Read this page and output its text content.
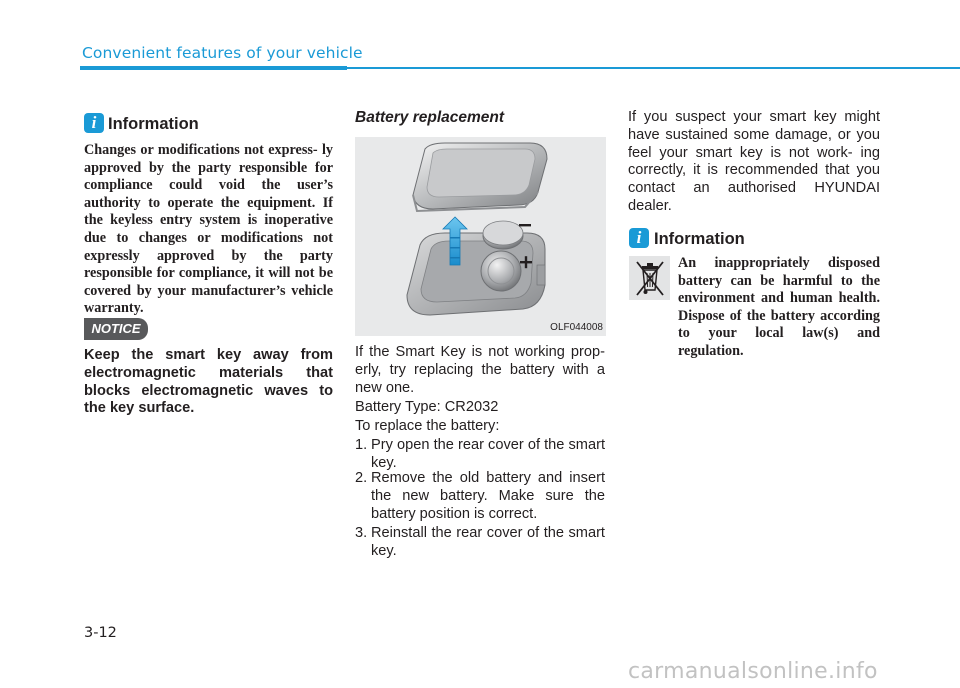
Convenient features of your vehicle
i Information
Changes or modifications not express- ly approved by the party responsible for compliance could void the user’s authority to operate the equipment. If the keyless entry system is inoperative due to changes or modifications not expressly approved by the party responsible for compliance, it will not be covered by your manufacturer’s vehicle warranty.
NOTICE
Keep the smart key away from electromagnetic materials that blocks electromagnetic waves to the key surface.
Battery replacement
OLF044008
If the Smart Key is not working prop- erly, try replacing the battery with a new one.
Battery Type: CR2032
To replace the battery:
1. Pry open the rear cover of the smart key.
2. Remove the old battery and insert the new battery. Make sure the battery position is correct.
3. Reinstall the rear cover of the smart key.
If you suspect your smart key might have sustained some damage, or you feel your smart key is not work- ing correctly, it is recommended that you contact an authorised HYUNDAI dealer.
i Information
An inappropriately disposed battery can be harmful to the environment and human health. Dispose of the battery according to your local law(s) and regulation.
3-12
carmanualsonline.info
